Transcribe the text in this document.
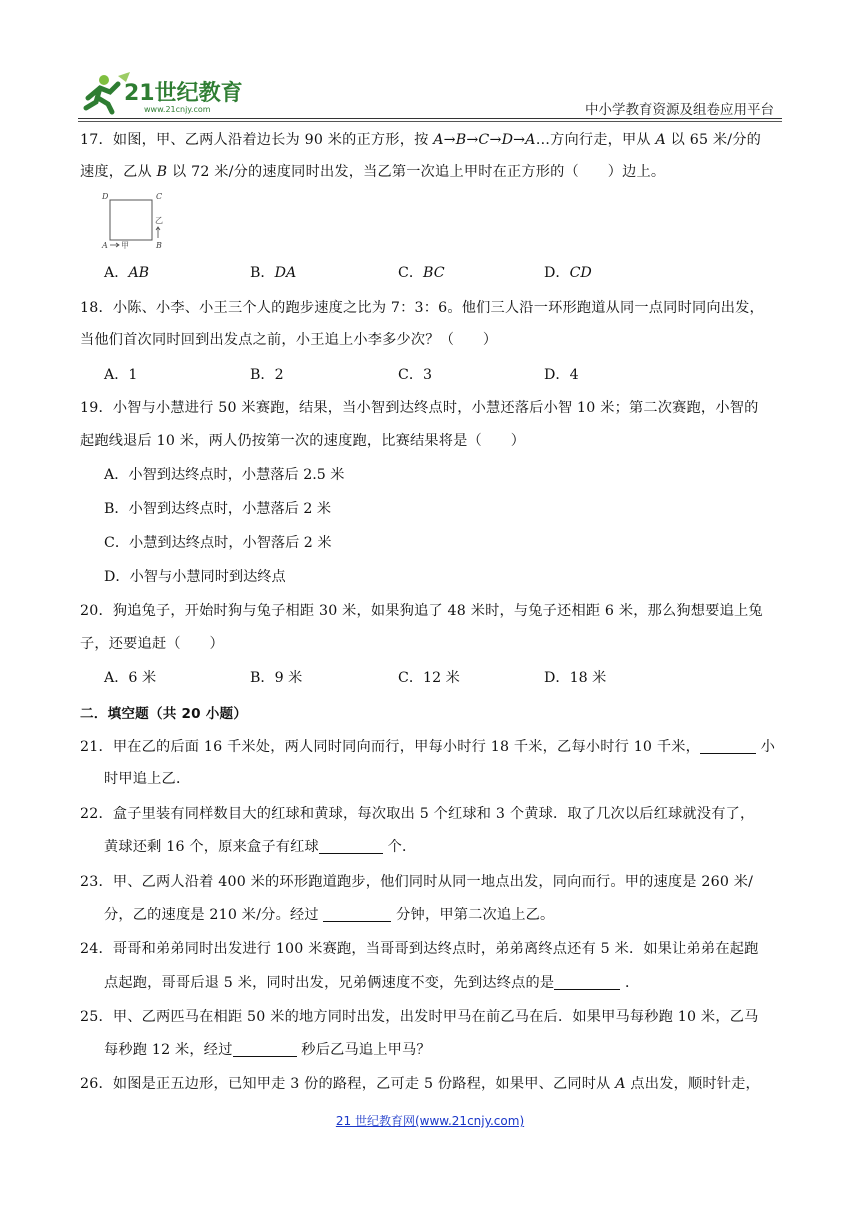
21世纪教育
www.21cnjy.com	中小学教育资源及组卷应用平台
17．如图，甲、乙两人沿着边长为 90 米的正方形，按 A→B→C→D→A…方向行走，甲从 A 以 65 米/分的
速度，乙从 B 以 72 米/分的速度同时出发，当乙第一次追上甲时在正方形的（　　）边上。
D	C
A	B
乙
甲
A．AB	B．DA	C．BC	D．CD
18．小陈、小李、小王三个人的跑步速度之比为 7：3：6。他们三人沿一环形跑道从同一点同时同向出发，
当他们首次同时回到出发点之前，小王追上小李多少次？（　　）
A．1	B．2	C．3	D．4
19．小智与小慧进行 50 米赛跑，结果，当小智到达终点时，小慧还落后小智 10 米；第二次赛跑，小智的
起跑线退后 10 米，两人仍按第一次的速度跑，比赛结果将是（　　）
A．小智到达终点时，小慧落后 2.5 米
B．小智到达终点时，小慧落后 2 米
C．小慧到达终点时，小智落后 2 米
D．小智与小慧同时到达终点
20．狗追兔子，开始时狗与兔子相距 30 米，如果狗追了 48 米时，与兔子还相距 6 米，那么狗想要追上兔
子，还要追赶（　　）
A．6 米	B．9 米	C．12 米	D．18 米
二．填空题（共 20 小题）
21．甲在乙的后面 16 千米处，两人同时同向而行，甲每小时行 18 千米，乙每小时行 10 千米，	小
时甲追上乙．
22．盒子里装有同样数目大的红球和黄球，每次取出 5 个红球和 3 个黄球．取了几次以后红球就没有了，
黄球还剩 16 个，原来盒子有红球	个．
23．甲、乙两人沿着 400 米的环形跑道跑步，他们同时从同一地点出发，同向而行。甲的速度是 260 米/
分，乙的速度是 210 米/分。经过	分钟，甲第二次追上乙。
24．哥哥和弟弟同时出发进行 100 米赛跑，当哥哥到达终点时，弟弟离终点还有 5 米．如果让弟弟在起跑
点起跑，哥哥后退 5 米，同时出发，兄弟俩速度不变，先到达终点的是	．
25．甲、乙两匹马在相距 50 米的地方同时出发，出发时甲马在前乙马在后．如果甲马每秒跑 10 米，乙马
每秒跑 12 米，经过	秒后乙马追上甲马？
26．如图是正五边形，已知甲走 3 份的路程，乙可走 5 份路程，如果甲、乙同时从 A 点出发，顺时针走，
21 世纪教育网(www.21cnjy.com)
